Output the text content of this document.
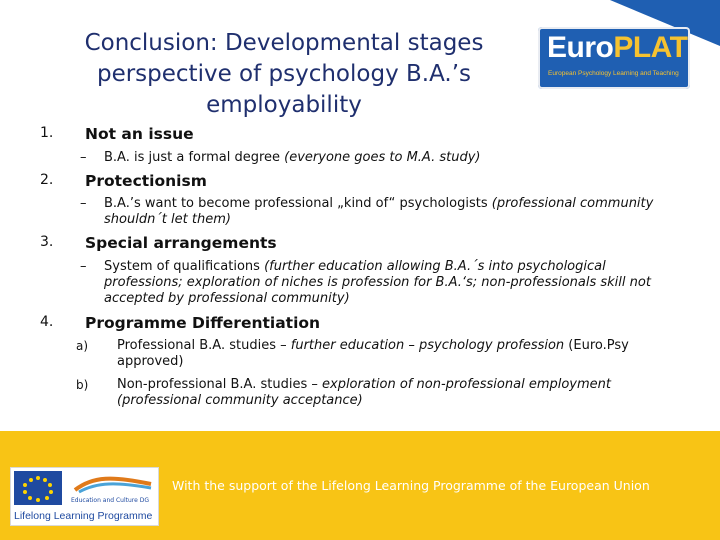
EuroPLAT
European Psychology Learning and Teaching
Conclusion: Developmental stages perspective of psychology B.A.’s employability
1. Not an issue
– B.A. is just a formal degree (everyone goes to M.A. study)
2. Protectionism
– B.A.’s want to become professional „kind of“ psychologists (professional community shouldn´t let them)
3. Special arrangements
– System of qualifications (further education allowing B.A.´s into psychological professions; exploration of niches is profession for B.A.‘s; non-professionals skill not accepted by professional community)
4. Programme Differentiation
a) Professional B.A. studies – further education – psychology profession (Euro.Psy approved)
b) Non-professional B.A. studies – exploration of non-professional employment (professional community acceptance)
Education and Culture DG
Lifelong Learning Programme
With the support of the Lifelong Learning Programme of the European Union
